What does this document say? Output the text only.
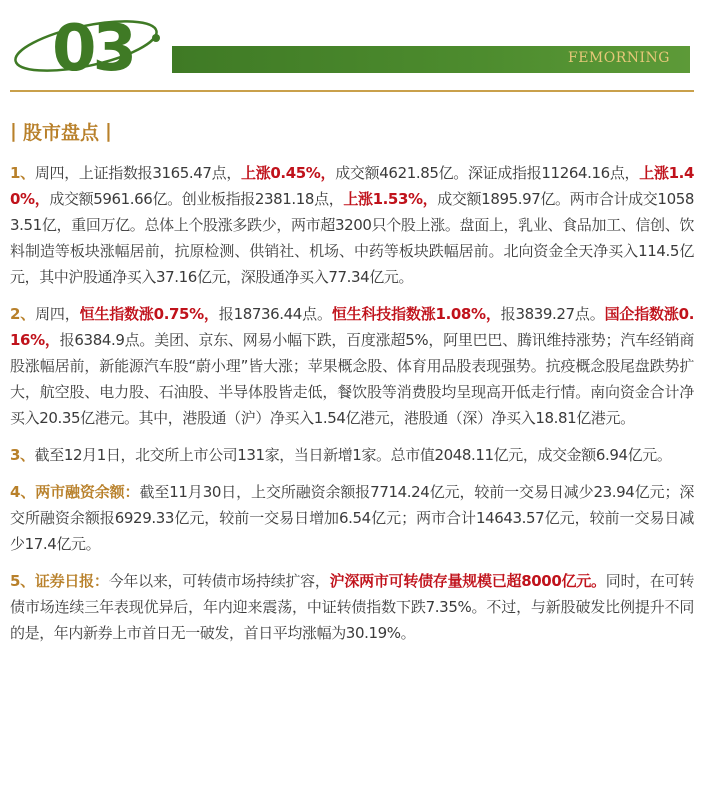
03	FEMORNING
| 股市盘点 |

1、周四，上证指数报3165.47点，上涨0.45%，成交额4621.85亿。深证成指报11264.16点，上涨1.40%，成交额5961.66亿。创业板指报2381.18点，上涨1.53%，成交额1895.97亿。两市合计成交10583.51亿，重回万亿。总体上个股涨多跌少，两市超3200只个股上涨。盘面上，乳业、食品加工、信创、饮料制造等板块涨幅居前，抗原检测、供销社、机场、中药等板块跌幅居前。北向资金全天净买入114.5亿元，其中沪股通净买入37.16亿元，深股通净买入77.34亿元。

2、周四，恒生指数涨0.75%，报18736.44点。恒生科技指数涨1.08%，报3839.27点。国企指数涨0.16%，报6384.9点。美团、京东、网易小幅下跌，百度涨超5%，阿里巴巴、腾讯维持涨势；汽车经销商股涨幅居前，新能源汽车股“蔚小理”皆大涨；苹果概念股、体育用品股表现强势。抗疫概念股尾盘跌势扩大，航空股、电力股、石油股、半导体股皆走低，餐饮股等消费股均呈现高开低走行情。南向资金合计净买入20.35亿港元。其中，港股通（沪）净买入1.54亿港元，港股通（深）净买入18.81亿港元。

3、截至12月1日，北交所上市公司131家，当日新增1家。总市值2048.11亿元，成交金额6.94亿元。

4、两市融资余额：截至11月30日，上交所融资余额报7714.24亿元，较前一交易日减少23.94亿元；深交所融资余额报6929.33亿元，较前一交易日增加6.54亿元；两市合计14643.57亿元，较前一交易日减少17.4亿元。

5、证券日报：今年以来，可转债市场持续扩容，沪深两市可转债存量规模已超8000亿元。同时，在可转债市场连续三年表现优异后，年内迎来震荡，中证转债指数下跌7.35%。不过，与新股破发比例提升不同的是，年内新券上市首日无一破发，首日平均涨幅为30.19%。
